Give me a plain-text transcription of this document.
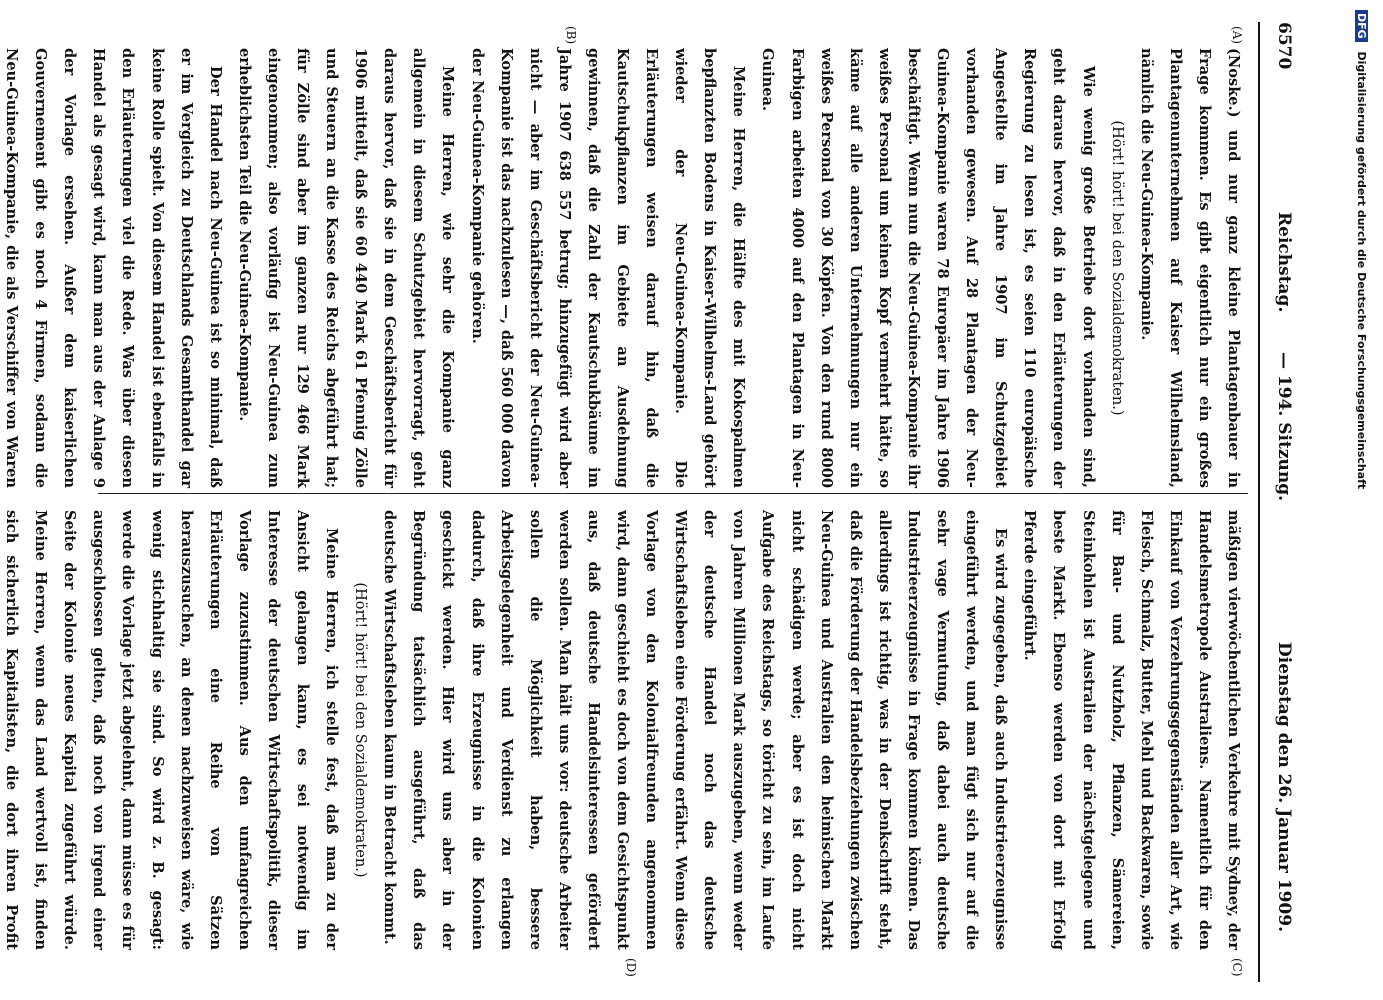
6570
Reichstag.
— 194. Sitzung.
Dienstag den 26. Januar 1909.
(A)
(B)
(C)
(D)

(Noske.) und nur ganz kleine Plantagenbauer in Frage kommen. Es gibt eigentlich nur ein großes Plantagenunternehmen auf Kaiser Wilhelmsland, nämlich die Neu-Guinea-Kompanie.

(Hört! hört! bei den Sozialdemokraten.)

Wie wenig große Betriebe dort vorhanden sind, geht daraus hervor, daß in den Erläuterungen der Regierung zu lesen ist, es seien 110 europäische Angestellte im Jahre 1907 im Schutzgebiet vorhanden gewesen. Auf 28 Plantagen der Neu-Guinea-Kompanie waren 78 Europäer im Jahre 1906 beschäftigt. Wenn nun die Neu-Guinea-Kompanie ihr weißes Personal um keinen Kopf vermehrt hätte, so käme auf alle anderen Unternehmungen nur ein weißes Personal von 30 Köpfen. Von den rund 8000 Farbigen arbeiten 4000 auf den Plantagen in Neu-Guinea.

Meine Herren, die Hälfte des mit Kokospalmen bepflanzten Bodens in Kaiser-Wilhelms-Land gehört wieder der Neu-Guinea-Kompanie. Die Erläuterungen weisen darauf hin, daß die Kautschukpflanzen im Gebiete an Ausdehnung gewinnen, daß die Zahl der Kautschukbäume im Jahre 1907 638 557 betrug; hinzugefügt wird aber nicht — aber im Geschäftsbericht der Neu-Guinea-Kompanie ist das nachzulesen —, daß 560 000 davon der Neu-Guinea-Kompanie gehören.

Meine Herren, wie sehr die Kompanie ganz allgemein in diesem Schutzgebiet hervorragt, geht daraus hervor, daß sie in dem Geschäftsbericht für 1906 mitteilt, daß sie 60 440 Mark 61 Pfennig Zölle und Steuern an die Kasse des Reichs abgeführt hat; für Zölle sind aber im ganzen nur 129 466 Mark eingenommen; also vorläufig ist Neu-Guinea zum erheblichsten Teil die Neu-Guinea-Kompanie.

Der Handel nach Neu-Guinea ist so minimal, daß er im Vergleich zu Deutschlands Gesamthandel gar keine Rolle spielt. Von diesem Handel ist ebenfalls in den Erläuterungen viel die Rede. Was über diesen Handel als gesagt wird, kann man aus der Anlage 9 der Vorlage ersehen. Außer dem kaiserlichen Gouvernement gibt es noch 4 Firmen, sodann die Neu-Guinea-Kompanie, die als Verschiffer von Waren

mäßigen vierwöchentlichen Verkehre mit Sydney, der Handelsmetropole Australiens. Namentlich für den Einkauf von Verzehrungsgegenständen aller Art, wie Fleisch, Schmalz, Butter, Mehl und Backwaren, sowie für Bau- und Nutzholz, Pflanzen, Sämereien, Steinkohlen ist Australien der nächstgelegene und beste Markt. Ebenso werden von dort mit Erfolg Pferde eingeführt.

Es wird zugegeben, daß auch Industrieerzeugnisse eingeführt werden, und man fügt sich nur auf die sehr vage Vermutung, daß dabei auch deutsche Industrieerzeugnisse in Frage kommen können. Das allerdings ist richtig, was in der Denkschrift steht, daß die Förderung der Handelsbeziehungen zwischen Neu-Guinea und Australien den heimischen Markt nicht schädigen werde; aber es ist doch nicht Aufgabe des Reichstags, so töricht zu sein, im Laufe von Jahren Millionen Mark auszugeben, wenn weder der deutsche Handel noch das deutsche Wirtschaftsleben eine Förderung erfährt. Wenn diese Vorlage von den Kolonialfreunden angenommen wird, dann geschieht es doch von dem Gesichtspunkt aus, daß deutsche Handelsinteressen gefördert werden sollen. Man hält uns vor: deutsche Arbeiter sollen die Möglichkeit haben, bessere Arbeitsgelegenheit und Verdienst zu erlangen dadurch, daß ihre Erzeugnisse in die Kolonien geschickt werden. Hier wird uns aber in der Begründung tatsächlich ausgeführt, daß das deutsche Wirtschaftsleben kaum in Betracht kommt.

(Hört! hört! bei den Sozialdemokraten.)

Meine Herren, ich stelle fest, daß man zu der Ansicht gelangen kann, es sei notwendig im Interesse der deutschen Wirtschaftspolitik, dieser Vorlage zuzustimmen. Aus den umfangreichen Erläuterungen eine Reihe von Sätzen herauszusuchen, an denen nachzuweisen wäre, wie wenig stichhaltig sie sind. So wird z. B. gesagt: werde die Vorlage jetzt abgelehnt, dann müsse es für ausgeschlossen gelten, daß noch von irgend einer Seite der Kolonie neues Kapital zugeführt würde. Meine Herren, wenn das Land wertvoll ist, finden sich sicherlich Kapitalisten, die dort ihren Profit

DFG Digitalisierung gefördert durch die Deutsche Forschungsgemeinschaft
